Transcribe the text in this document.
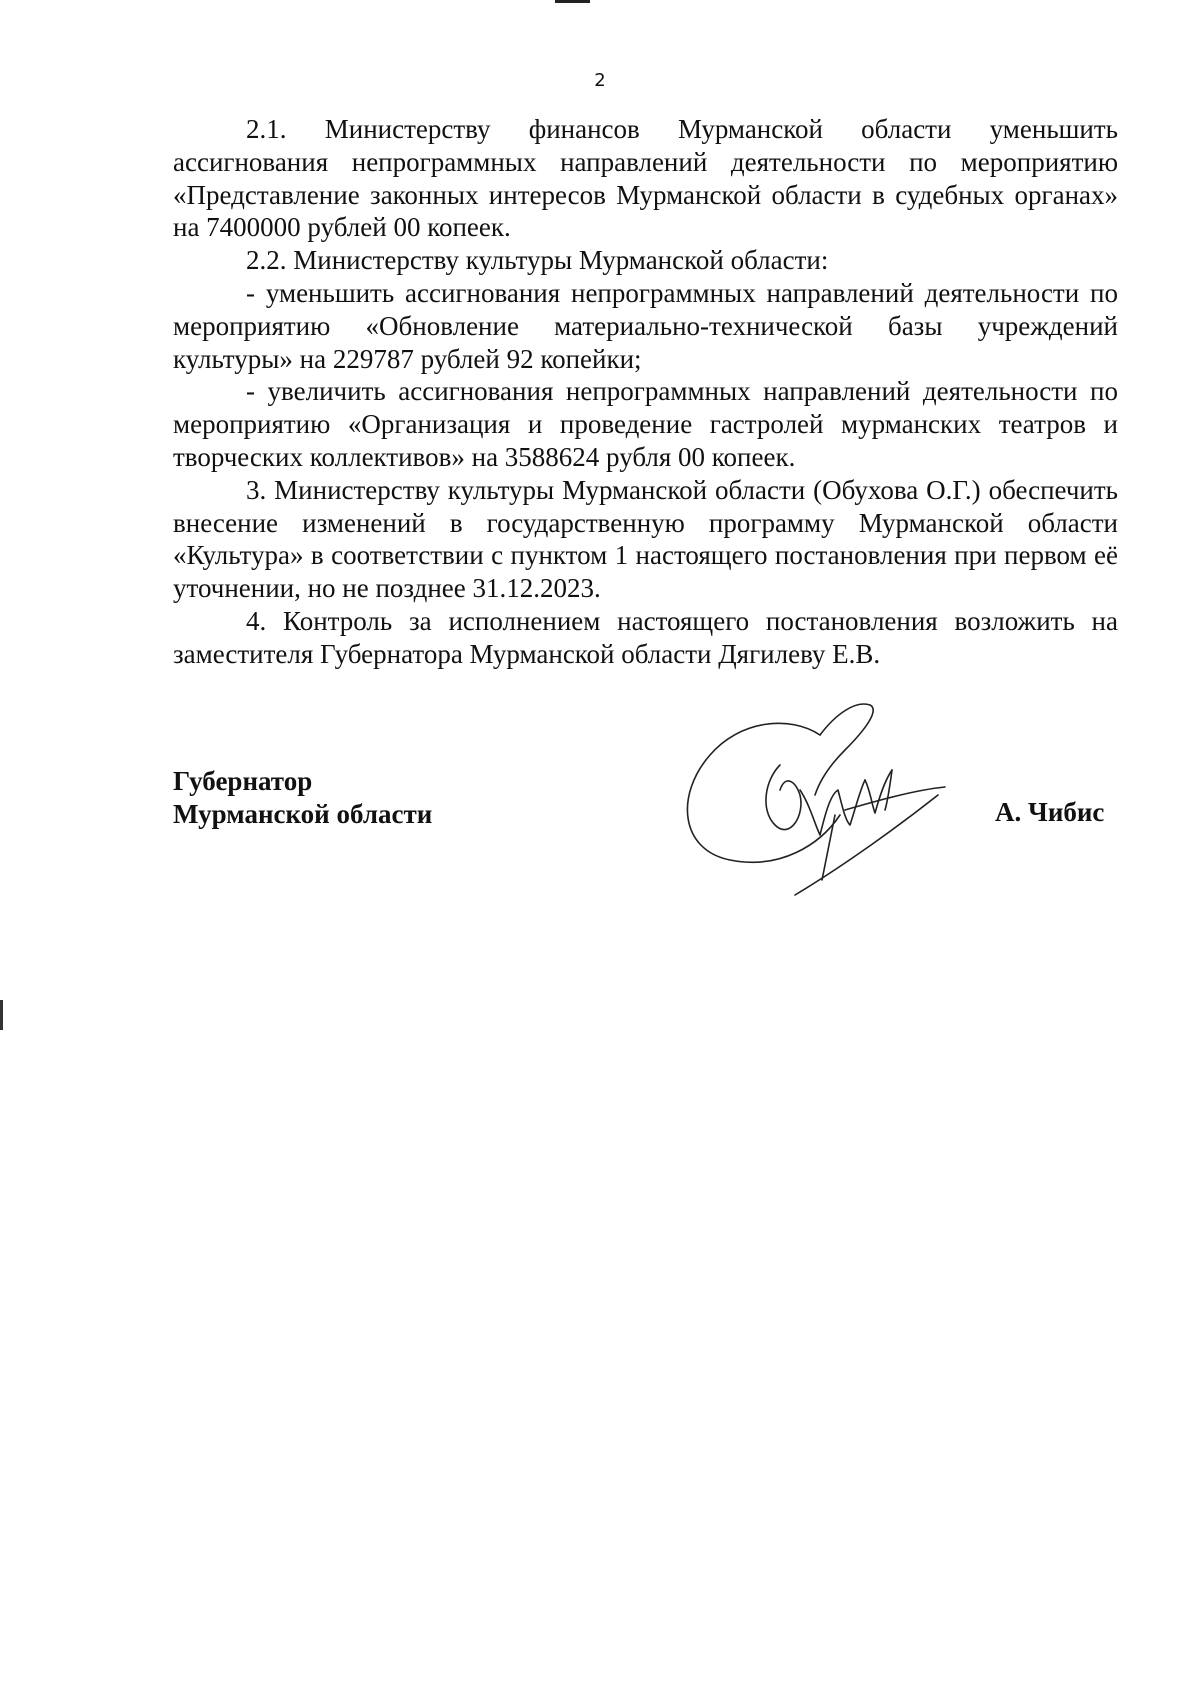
2

2.1. Министерству финансов Мурманской области уменьшить ассигнования непрограммных направлений деятельности по мероприятию «Представление законных интересов Мурманской области в судебных органах» на 7400000 рублей 00 копеек.

2.2. Министерству культуры Мурманской области:

- уменьшить ассигнования непрограммных направлений деятельности по мероприятию «Обновление материально-технической базы учреждений культуры» на 229787 рублей 92 копейки;

- увеличить ассигнования непрограммных направлений деятельности по мероприятию «Организация и проведение гастролей мурманских театров и творческих коллективов» на 3588624 рубля 00 копеек.

3. Министерству культуры Мурманской области (Обухова О.Г.) обеспечить внесение изменений в государственную программу Мурманской области «Культура» в соответствии с пунктом 1 настоящего постановления при первом её уточнении, но не позднее 31.12.2023.

4. Контроль за исполнением настоящего постановления возложить на заместителя Губернатора Мурманской области Дягилеву Е.В.

Губернатор
Мурманской области	А. Чибис
